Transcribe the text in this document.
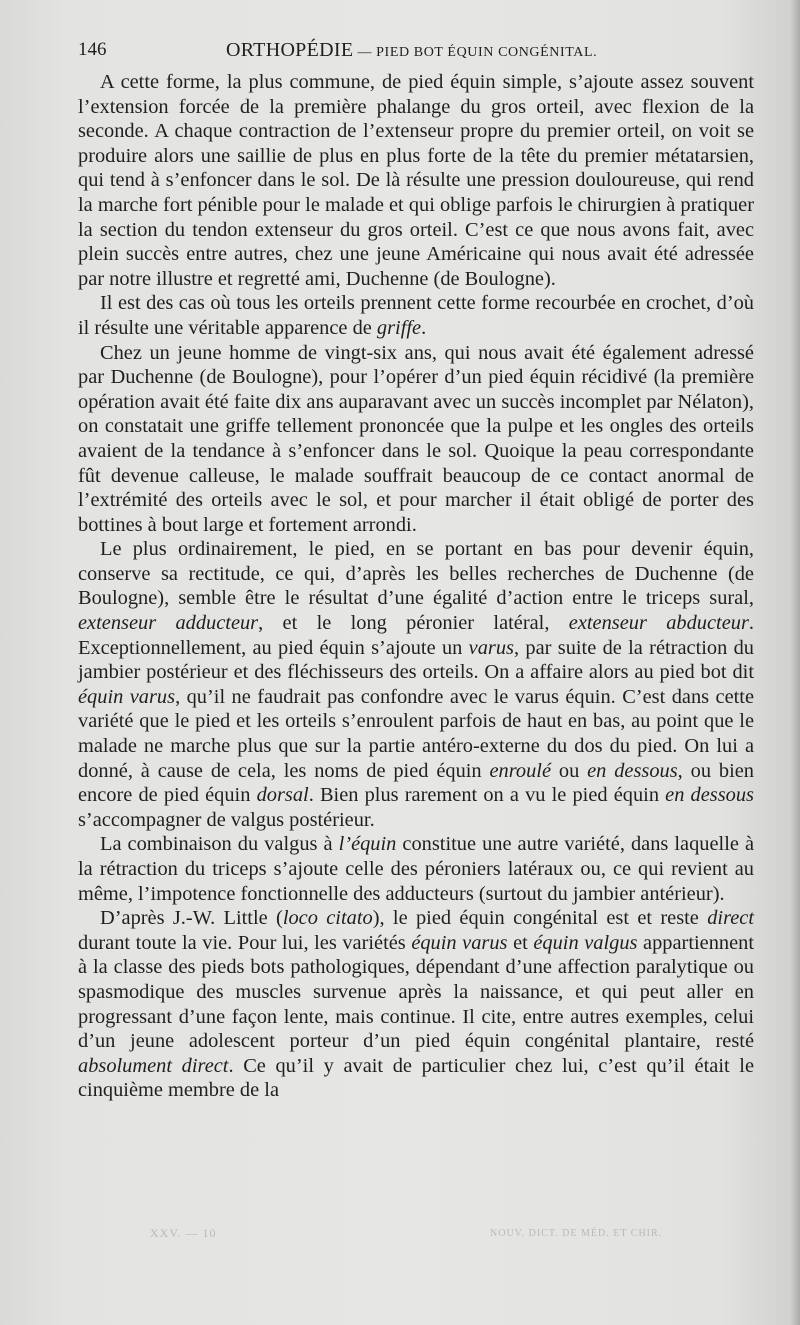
146	ORTHOPÉDIE — PIED BOT ÉQUIN CONGÉNITAL.

A cette forme, la plus commune, de pied équin simple, s’ajoute assez souvent l’extension forcée de la première phalange du gros orteil, avec flexion de la seconde. A chaque contraction de l’extenseur propre du premier orteil, on voit se produire alors une saillie de plus en plus forte de la tête du premier métatarsien, qui tend à s’enfoncer dans le sol. De là résulte une pression douloureuse, qui rend la marche fort pénible pour le malade et qui oblige parfois le chirurgien à pratiquer la section du tendon extenseur du gros orteil. C’est ce que nous avons fait, avec plein succès entre autres, chez une jeune Américaine qui nous avait été adressée par notre illustre et regretté ami, Duchenne (de Boulogne).

Il est des cas où tous les orteils prennent cette forme recourbée en crochet, d’où il résulte une véritable apparence de griffe.

Chez un jeune homme de vingt-six ans, qui nous avait été également adressé par Duchenne (de Boulogne), pour l’opérer d’un pied équin récidivé (la première opération avait été faite dix ans auparavant avec un succès incomplet par Nélaton), on constatait une griffe tellement prononcée que la pulpe et les ongles des orteils avaient de la tendance à s’enfoncer dans le sol. Quoique la peau correspondante fût devenue calleuse, le malade souffrait beaucoup de ce contact anormal de l’extrémité des orteils avec le sol, et pour marcher il était obligé de porter des bottines à bout large et fortement arrondi.

Le plus ordinairement, le pied, en se portant en bas pour devenir équin, conserve sa rectitude, ce qui, d’après les belles recherches de Duchenne (de Boulogne), semble être le résultat d’une égalité d’action entre le triceps sural, extenseur adducteur, et le long péronier latéral, extenseur abducteur. Exceptionnellement, au pied équin s’ajoute un varus, par suite de la rétraction du jambier postérieur et des fléchisseurs des orteils. On a affaire alors au pied bot dit équin varus, qu’il ne faudrait pas confondre avec le varus équin. C’est dans cette variété que le pied et les orteils s’enroulent parfois de haut en bas, au point que le malade ne marche plus que sur la partie antéro-externe du dos du pied. On lui a donné, à cause de cela, les noms de pied équin enroulé ou en dessous, ou bien encore de pied équin dorsal. Bien plus rarement on a vu le pied équin en dessous s’accompagner de valgus postérieur.

La combinaison du valgus à l’équin constitue une autre variété, dans laquelle à la rétraction du triceps s’ajoute celle des péroniers latéraux ou, ce qui revient au même, l’impotence fonctionnelle des adducteurs (surtout du jambier antérieur).

D’après J.-W. Little (loco citato), le pied équin congénital est et reste direct durant toute la vie. Pour lui, les variétés équin varus et équin valgus appartiennent à la classe des pieds bots pathologiques, dépendant d’une affection paralytique ou spasmodique des muscles survenue après la naissance, et qui peut aller en progressant d’une façon lente, mais continue. Il cite, entre autres exemples, celui d’un jeune adolescent porteur d’un pied équin congénital plantaire, resté absolument direct. Ce qu’il y avait de particulier chez lui, c’est qu’il était le cinquième membre de la

XXV. — 10	NOUV. DICT. DE MÉD. ET CHIR.
